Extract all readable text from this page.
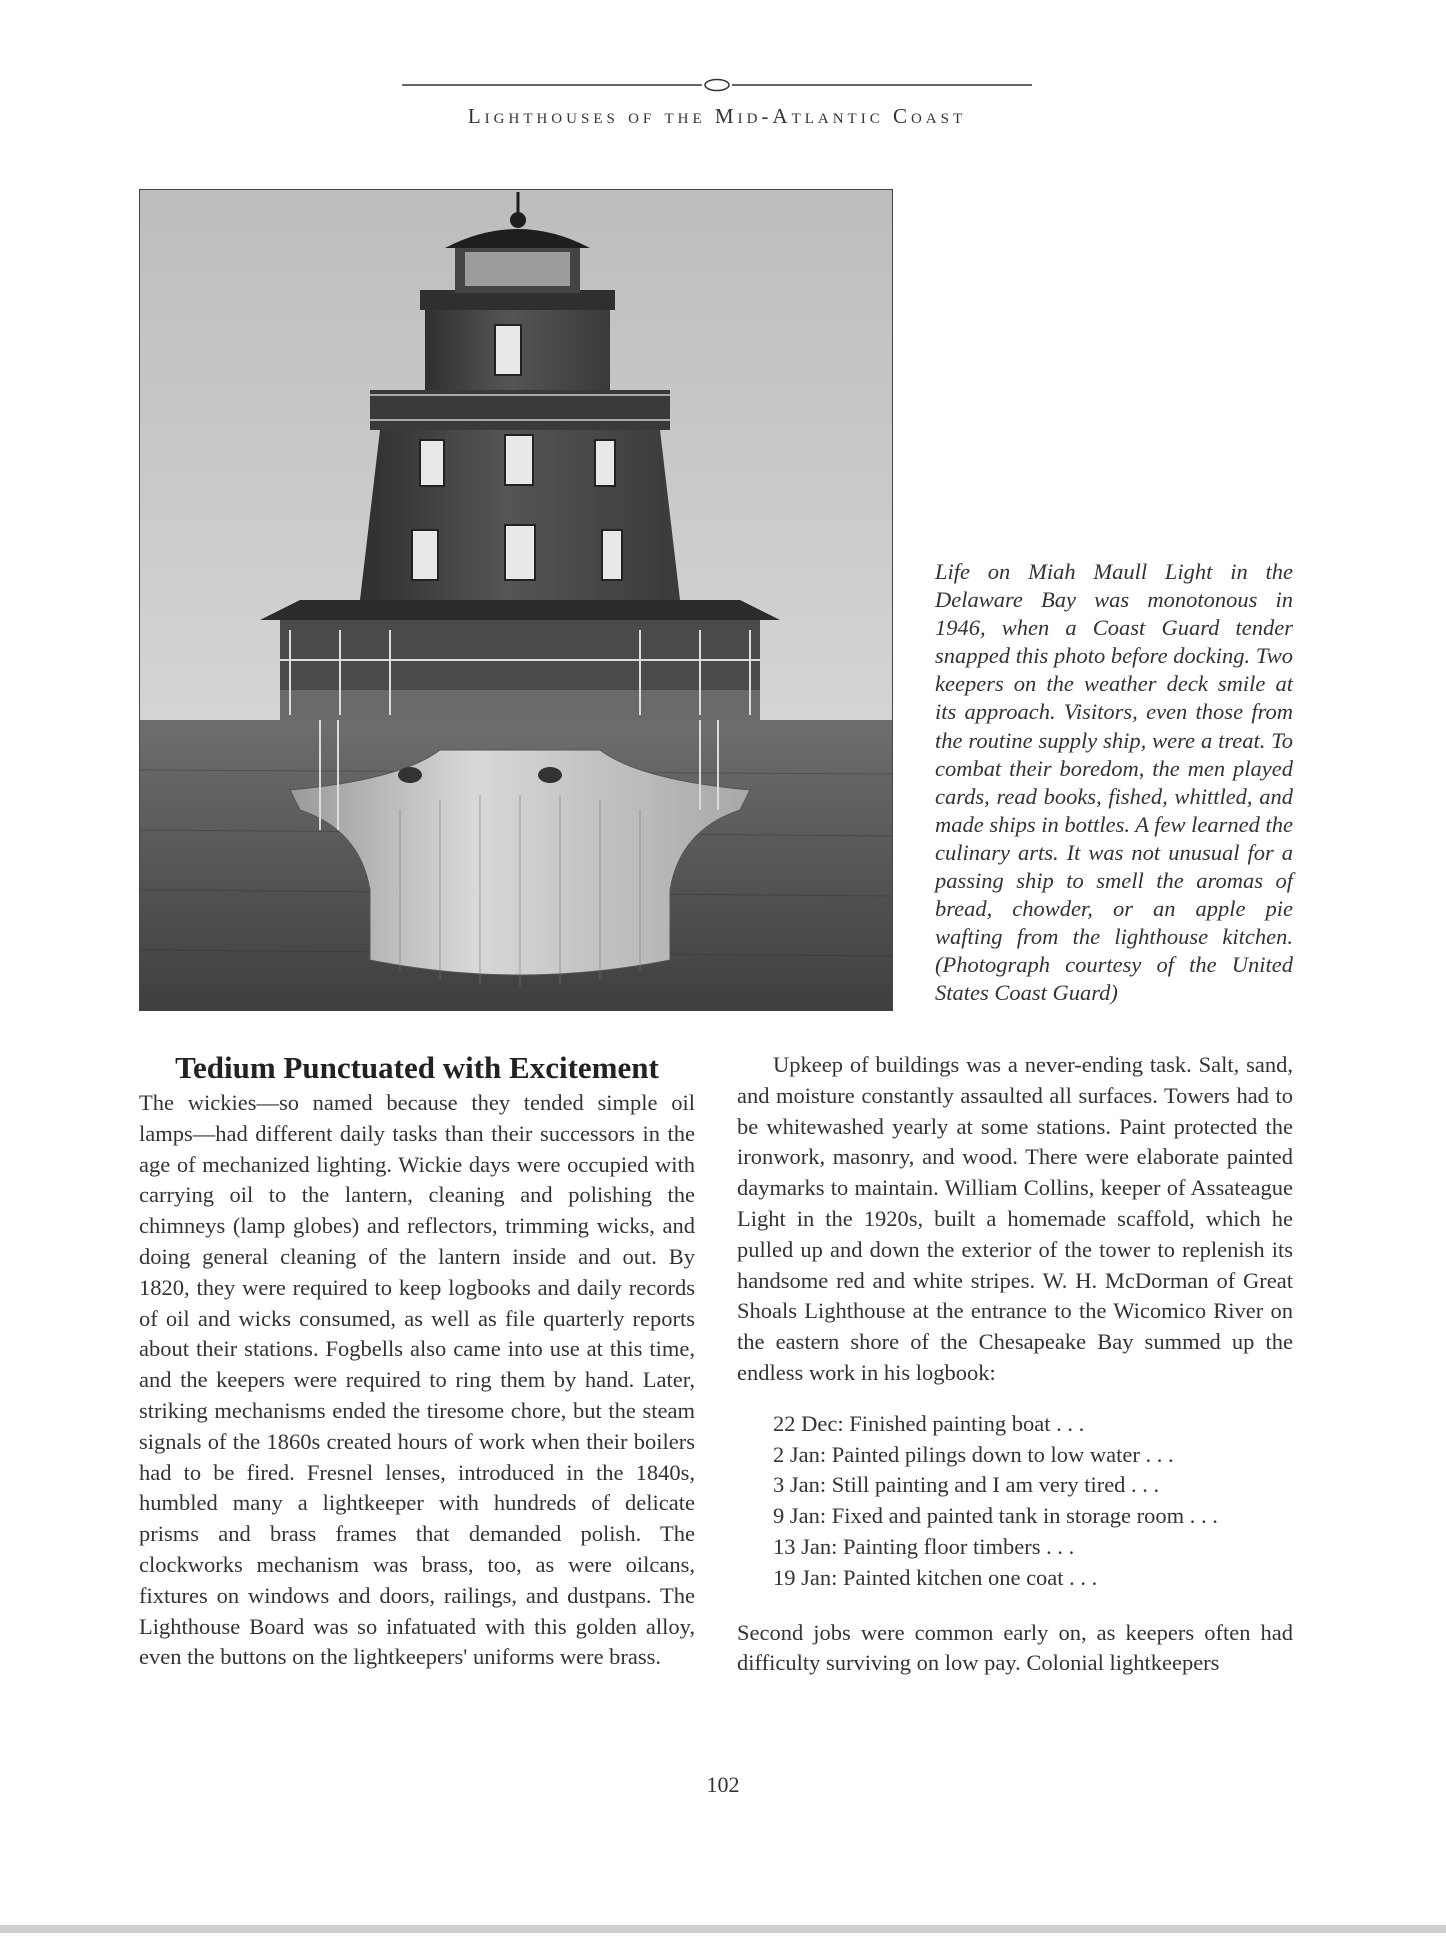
Lighthouses of the Mid-Atlantic Coast
Life on Miah Maull Light in the Delaware Bay was monotonous in 1946, when a Coast Guard tender snapped this photo before docking. Two keepers on the weather deck smile at its approach. Visitors, even those from the routine supply ship, were a treat. To combat their boredom, the men played cards, read books, fished, whittled, and made ships in bottles. A few learned the culinary arts. It was not unusual for a passing ship to smell the aromas of bread, chowder, or an apple pie wafting from the lighthouse kitchen. (Photograph courtesy of the United States Coast Guard)
Tedium Punctuated with Excitement

The wickies—so named because they tended simple oil lamps—had different daily tasks than their successors in the age of mechanized lighting. Wickie days were occupied with carrying oil to the lantern, cleaning and polishing the chimneys (lamp globes) and reflectors, trimming wicks, and doing general cleaning of the lantern inside and out. By 1820, they were required to keep logbooks and daily records of oil and wicks consumed, as well as file quarterly reports about their stations. Fogbells also came into use at this time, and the keepers were required to ring them by hand. Later, striking mechanisms ended the tiresome chore, but the steam signals of the 1860s created hours of work when their boilers had to be fired. Fresnel lenses, introduced in the 1840s, humbled many a lightkeeper with hundreds of delicate prisms and brass frames that demanded polish. The clockworks mechanism was brass, too, as were oilcans, fixtures on windows and doors, railings, and dustpans. The Lighthouse Board was so infatuated with this golden alloy, even the buttons on the lightkeepers' uniforms were brass.

Upkeep of buildings was a never-ending task. Salt, sand, and moisture constantly assaulted all surfaces. Towers had to be whitewashed yearly at some stations. Paint protected the ironwork, masonry, and wood. There were elaborate painted daymarks to maintain. William Collins, keeper of Assateague Light in the 1920s, built a homemade scaffold, which he pulled up and down the exterior of the tower to replenish its handsome red and white stripes. W. H. McDorman of Great Shoals Lighthouse at the entrance to the Wicomico River on the eastern shore of the Chesapeake Bay summed up the endless work in his logbook:

22 Dec: Finished painting boat . . .
2 Jan: Painted pilings down to low water . . .
3 Jan: Still painting and I am very tired . . .
9 Jan: Fixed and painted tank in storage room . . .
13 Jan: Painting floor timbers . . .
19 Jan: Painted kitchen one coat . . .

Second jobs were common early on, as keepers often had difficulty surviving on low pay. Colonial lightkeepers

102
